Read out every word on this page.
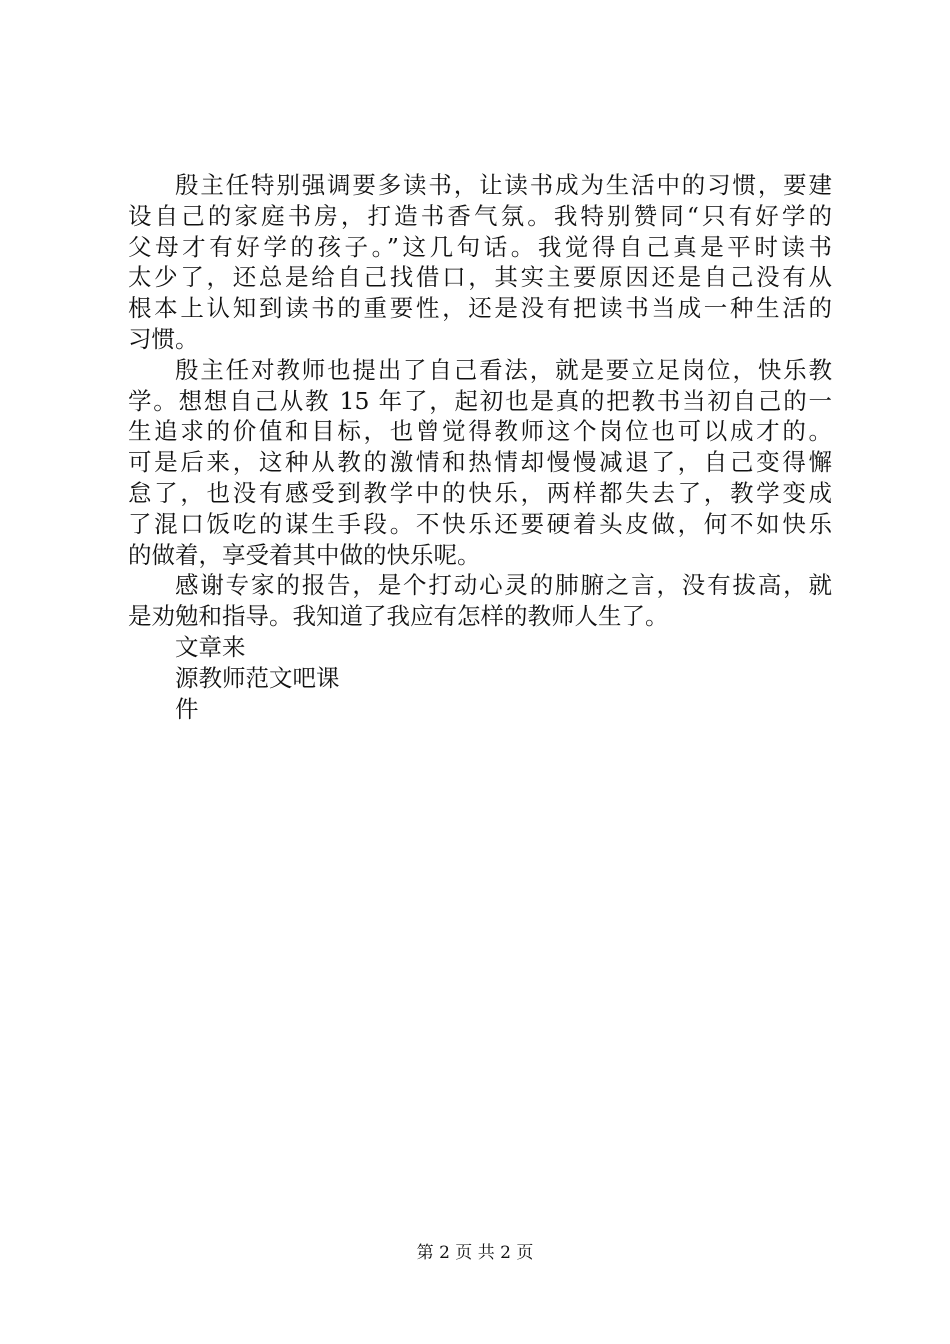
殷主任特别强调要多读书，让读书成为生活中的习惯，要建
设自己的家庭书房，打造书香气氛。我特别赞同“只有好学的
父母才有好学的孩子。”这几句话。我觉得自己真是平时读书
太少了，还总是给自己找借口，其实主要原因还是自己没有从
根本上认知到读书的重要性，还是没有把读书当成一种生活的
习惯。
殷主任对教师也提出了自己看法，就是要立足岗位，快乐教
学。想想自己从教 15 年了，起初也是真的把教书当初自己的一
生追求的价值和目标，也曾觉得教师这个岗位也可以成才的。
可是后来，这种从教的激情和热情却慢慢减退了，自己变得懈
怠了，也没有感受到教学中的快乐，两样都失去了，教学变成
了混口饭吃的谋生手段。不快乐还要硬着头皮做，何不如快乐
的做着，享受着其中做的快乐呢。
感谢专家的报告，是个打动心灵的肺腑之言，没有拔高，就
是劝勉和指导。我知道了我应有怎样的教师人生了。
文章来
源教师范文吧课
件
第 2 页 共 2 页
